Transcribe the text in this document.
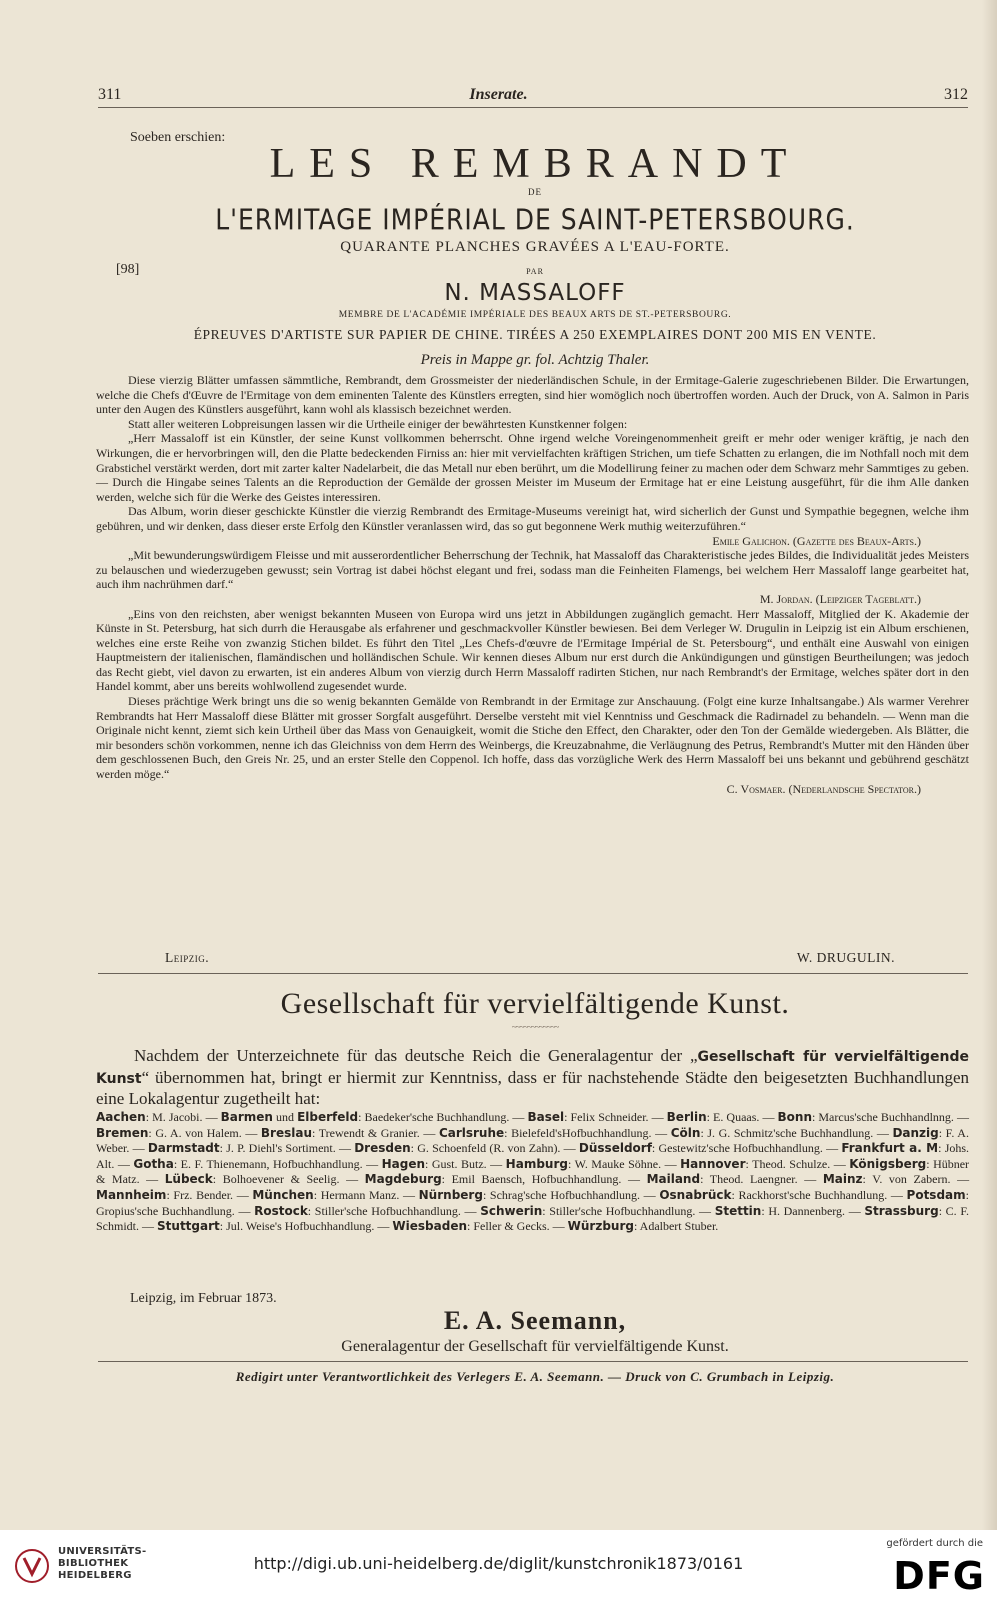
311	Inserate.	312
Soeben erschien:
LES REMBRANDT
DE
L'ERMITAGE IMPÉRIAL DE SAINT-PETERSBOURG.
QUARANTE PLANCHES GRAVÉES A L'EAU-FORTE.
[98]	PAR
N. MASSALOFF
MEMBRE DE L'ACADÉMIE IMPÉRIALE DES BEAUX ARTS DE ST.-PETERSBOURG.
ÉPREUVES D'ARTISTE SUR PAPIER DE CHINE. TIRÉES A 250 EXEMPLAIRES DONT 200 MIS EN VENTE.
Preis in Mappe gr. fol. Achtzig Thaler.

Diese vierzig Blätter umfassen sämmtliche, Rembrandt, dem Grossmeister der niederländischen Schule, in der Ermitage-Galerie zugeschriebenen Bilder. Die Erwartungen, welche die Chefs d'Œuvre de l'Ermitage von dem eminenten Talente des Künstlers erregten, sind hier womöglich noch übertroffen worden. Auch der Druck, von A. Salmon in Paris unter den Augen des Künstlers ausgeführt, kann wohl als klassisch bezeichnet werden.

Statt aller weiteren Lobpreisungen lassen wir die Urtheile einiger der bewährtesten Kunstkenner folgen:

„Herr Massaloff ist ein Künstler, der seine Kunst vollkommen beherrscht. Ohne irgend welche Voreingenommenheit greift er mehr oder weniger kräftig, je nach den Wirkungen, die er hervorbringen will, den die Platte bedeckenden Firniss an: hier mit vervielfachten kräftigen Strichen, um tiefe Schatten zu erlangen, die im Nothfall noch mit dem Grabstichel verstärkt werden, dort mit zarter kalter Nadelarbeit, die das Metall nur eben berührt, um die Modellirung feiner zu machen oder dem Schwarz mehr Sammtiges zu geben. — Durch die Hingabe seines Talents an die Reproduction der Gemälde der grossen Meister im Museum der Ermitage hat er eine Leistung ausgeführt, für die ihm Alle danken werden, welche sich für die Werke des Geistes interessiren.

Das Album, worin dieser geschickte Künstler die vierzig Rembrandt des Ermitage-Museums vereinigt hat, wird sicherlich der Gunst und Sympathie begegnen, welche ihm gebühren, und wir denken, dass dieser erste Erfolg den Künstler veranlassen wird, das so gut begonnene Werk muthig weiterzuführen.“

Emile Galichon. (Gazette des Beaux-Arts.)

„Mit bewunderungswürdigem Fleisse und mit ausserordentlicher Beherrschung der Technik, hat Massaloff das Charakteristische jedes Bildes, die Individualität jedes Meisters zu belauschen und wiederzugeben gewusst; sein Vortrag ist dabei höchst elegant und frei, sodass man die Feinheiten Flamengs, bei welchem Herr Massaloff lange gearbeitet hat, auch ihm nachrühmen darf.“

M. Jordan. (Leipziger Tageblatt.)

„Eins von den reichsten, aber wenigst bekannten Museen von Europa wird uns jetzt in Abbildungen zugänglich gemacht. Herr Massaloff, Mitglied der K. Akademie der Künste in St. Petersburg, hat sich durrh die Herausgabe als erfahrener und geschmackvoller Künstler bewiesen. Bei dem Verleger W. Drugulin in Leipzig ist ein Album erschienen, welches eine erste Reihe von zwanzig Stichen bildet. Es führt den Titel „Les Chefs-d'œuvre de l'Ermitage Impérial de St. Petersbourg“, und enthält eine Auswahl von einigen Hauptmeistern der italienischen, flamändischen und holländischen Schule. Wir kennen dieses Album nur erst durch die Ankündigungen und günstigen Beurtheilungen; was jedoch das Recht giebt, viel davon zu erwarten, ist ein anderes Album von vierzig durch Herrn Massaloff radirten Stichen, nur nach Rembrandt's der Ermitage, welches später dort in den Handel kommt, aber uns bereits wohlwollend zugesendet wurde.

Dieses prächtige Werk bringt uns die so wenig bekannten Gemälde von Rembrandt in der Ermitage zur Anschauung. (Folgt eine kurze Inhaltsangabe.) Als warmer Verehrer Rembrandts hat Herr Massaloff diese Blätter mit grosser Sorgfalt ausgeführt. Derselbe versteht mit viel Kenntniss und Geschmack die Radirnadel zu behandeln. — Wenn man die Originale nicht kennt, ziemt sich kein Urtheil über das Mass von Genauigkeit, womit die Stiche den Effect, den Charakter, oder den Ton der Gemälde wiedergeben. Als Blätter, die mir besonders schön vorkommen, nenne ich das Gleichniss von dem Herrn des Weinbergs, die Kreuzabnahme, die Verläugnung des Petrus, Rembrandt's Mutter mit den Händen über dem geschlossenen Buch, den Greis Nr. 25, und an erster Stelle den Coppenol. Ich hoffe, dass das vorzügliche Werk des Herrn Massaloff bei uns bekannt und gebührend geschätzt werden möge.“

C. Vosmaer. (Nederlandsche Spectator.)
Leipzig.	W. DRUGULIN.
Gesellschaft für vervielfältigende Kunst.
~~~~~~~~~~~~

Nachdem der Unterzeichnete für das deutsche Reich die Generalagentur der „Gesellschaft für vervielfältigende Kunst“ übernommen hat, bringt er hiermit zur Kenntniss, dass er für nachstehende Städte den beigesetzten Buchhandlungen eine Lokalagentur zugetheilt hat:

Aachen: M. Jacobi. — Barmen und Elberfeld: Baedeker'sche Buchhandlung. — Basel: Felix Schneider. — Berlin: E. Quaas. — Bonn: Marcus'sche Buchhandlnng. — Bremen: G. A. von Halem. — Breslau: Trewendt & Granier. — Carlsruhe: Bielefeld'sHofbuchhandlung. — Cöln: J. G. Schmitz'sche Buchhandlung. — Danzig: F. A. Weber. — Darmstadt: J. P. Diehl's Sortiment. — Dresden: G. Schoenfeld (R. von Zahn). — Düsseldorf: Gestewitz'sche Hofbuchhandlung. — Frankfurt a. M: Johs. Alt. — Gotha: E. F. Thienemann, Hofbuchhandlung. — Hagen: Gust. Butz. — Hamburg: W. Mauke Söhne. — Hannover: Theod. Schulze. — Königsberg: Hübner & Matz. — Lübeck: Bolhoevener & Seelig. — Magdeburg: Emil Baensch, Hofbuchhandlung. — Mailand: Theod. Laengner. — Mainz: V. von Zabern. — Mannheim: Frz. Bender. — München: Hermann Manz. — Nürnberg: Schrag'sche Hofbuchhandlung. — Osnabrück: Rackhorst'sche Buchhandlung. — Potsdam: Gropius'sche Buchhandlung. — Rostock: Stiller'sche Hofbuchhandlung. — Schwerin: Stiller'sche Hofbuchhandlung. — Stettin: H. Dannenberg. — Strassburg: C. F. Schmidt. — Stuttgart: Jul. Weise's Hofbuchhandlung. — Wiesbaden: Feller & Gecks. — Würzburg: Adalbert Stuber.
Leipzig, im Februar 1873.
E. A. Seemann,
Generalagentur der Gesellschaft für vervielfältigende Kunst.
Redigirt unter Verantwortlichkeit des Verlegers E. A. Seemann. — Druck von C. Grumbach in Leipzig.
UNIVERSITÄTS-
BIBLIOTHEK
HEIDELBERG
http://digi.ub.uni-heidelberg.de/diglit/kunstchronik1873/0161
gefördert durch die
DFG
